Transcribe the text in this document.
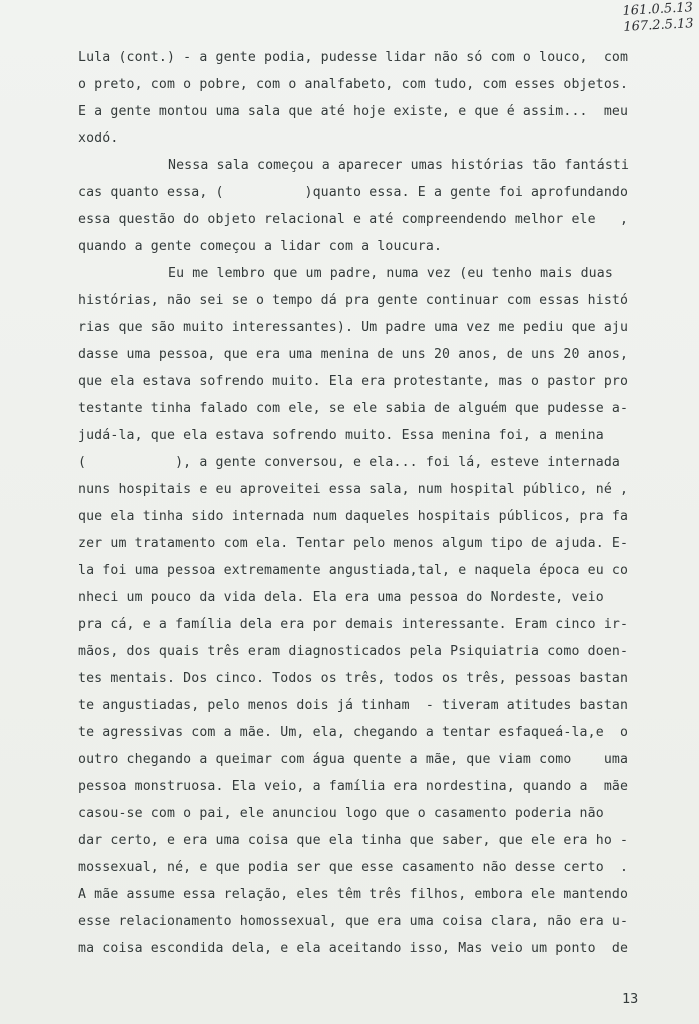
161.0.5.13
167.2.5.13
Lula (cont.) - a gente podia, pudesse lidar não só com o louco,  com
o preto, com o pobre, com o analfabeto, com tudo, com esses objetos.
E a gente montou uma sala que até hoje existe, e que é assim...  meu
xodó.
Nessa sala começou a aparecer umas histórias tão fantásti
cas quanto essa, (          )quanto essa. E a gente foi aprofundando
essa questão do objeto relacional e até compreendendo melhor ele   ,
quando a gente começou a lidar com a loucura.
Eu me lembro que um padre, numa vez (eu tenho mais duas
histórias, não sei se o tempo dá pra gente continuar com essas histó
rias que são muito interessantes). Um padre uma vez me pediu que aju
dasse uma pessoa, que era uma menina de uns 20 anos, de uns 20 anos,
que ela estava sofrendo muito. Ela era protestante, mas o pastor pro
testante tinha falado com ele, se ele sabia de alguém que pudesse a-
judá-la, que ela estava sofrendo muito. Essa menina foi, a menina
(           ), a gente conversou, e ela... foi lá, esteve internada
nuns hospitais e eu aproveitei essa sala, num hospital público, né ,
que ela tinha sido internada num daqueles hospitais públicos, pra fa
zer um tratamento com ela. Tentar pelo menos algum tipo de ajuda. E-
la foi uma pessoa extremamente angustiada,tal, e naquela época eu co
nheci um pouco da vida dela. Ela era uma pessoa do Nordeste, veio
pra cá, e a família dela era por demais interessante. Eram cinco ir-
mãos, dos quais três eram diagnosticados pela Psiquiatria como doen-
tes mentais. Dos cinco. Todos os três, todos os três, pessoas bastan
te angustiadas, pelo menos dois já tinham  - tiveram atitudes bastan
te agressivas com a mãe. Um, ela, chegando a tentar esfaqueá-la,e  o
outro chegando a queimar com água quente a mãe, que viam como    uma
pessoa monstruosa. Ela veio, a família era nordestina, quando a  mãe
casou-se com o pai, ele anunciou logo que o casamento poderia não
dar certo, e era uma coisa que ela tinha que saber, que ele era ho -
mossexual, né, e que podia ser que esse casamento não desse certo  .
A mãe assume essa relação, eles têm três filhos, embora ele mantendo
esse relacionamento homossexual, que era uma coisa clara, não era u-
ma coisa escondida dela, e ela aceitando isso, Mas veio um ponto  de
13
